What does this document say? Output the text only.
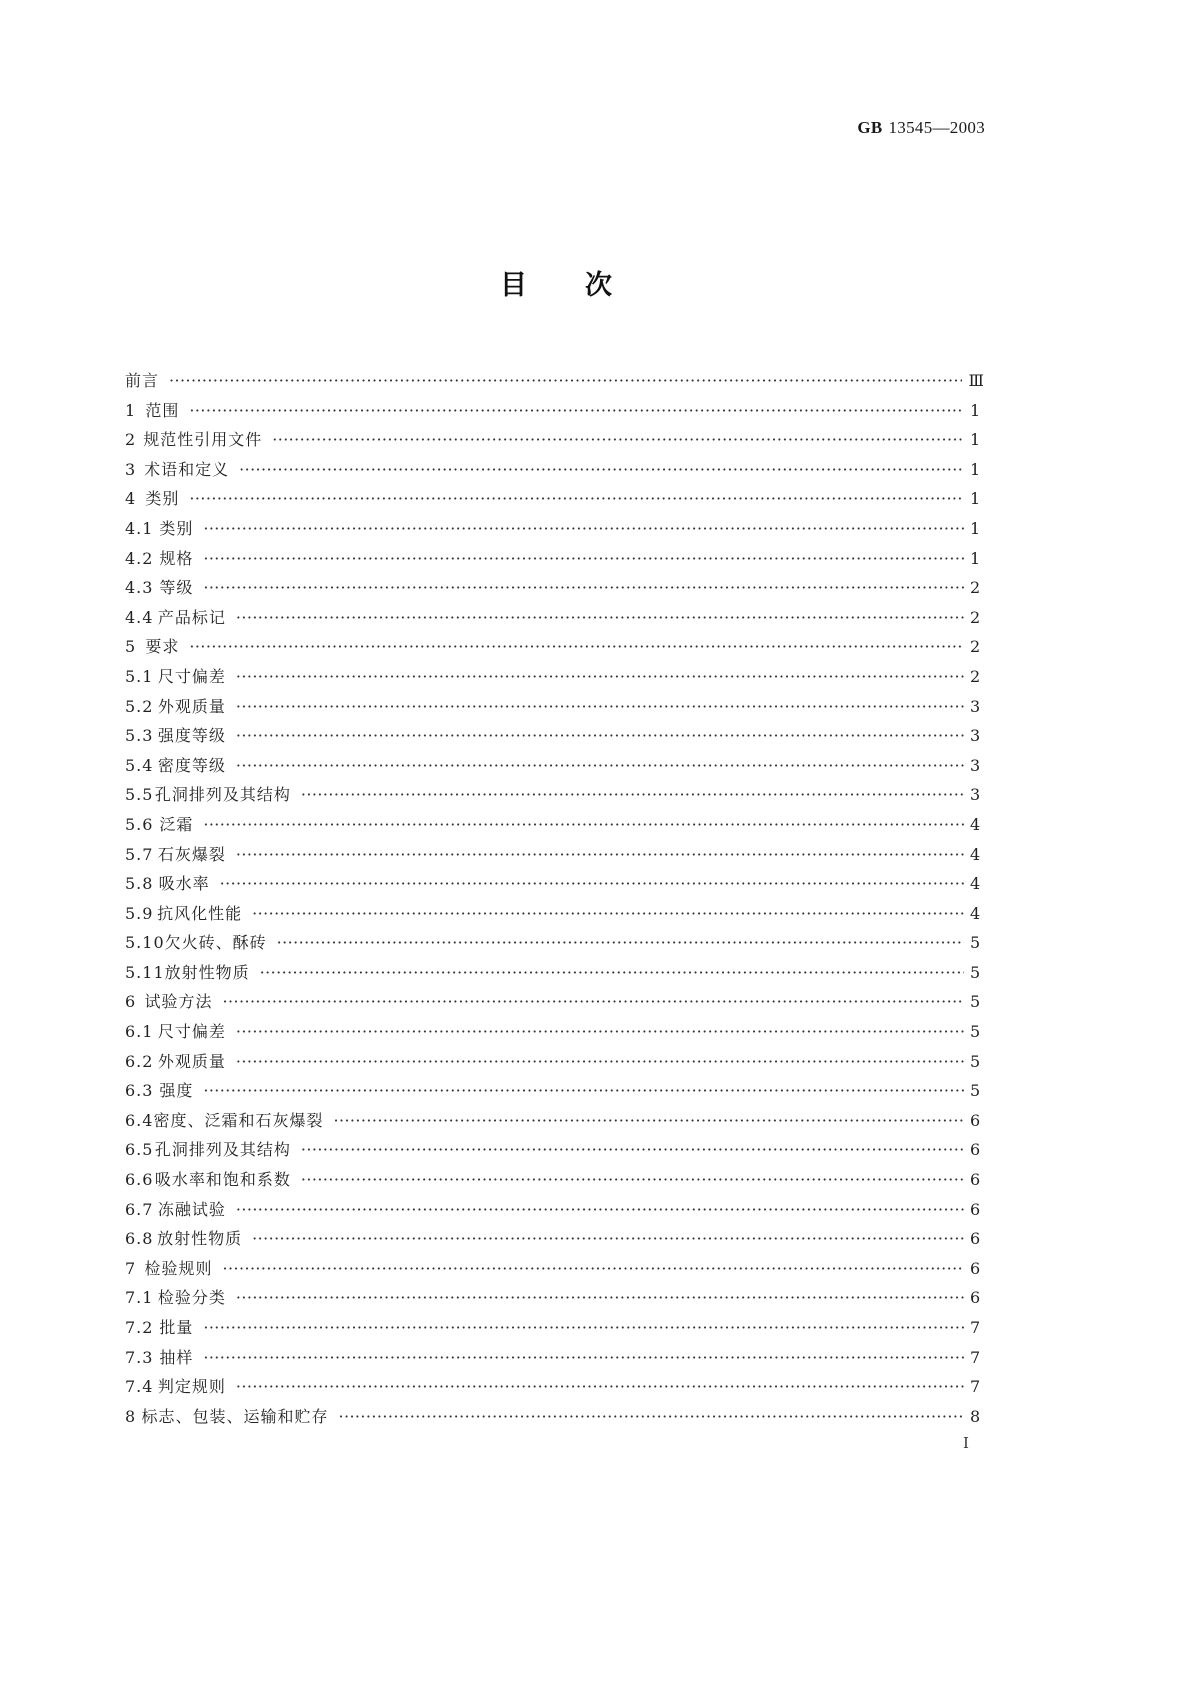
GB 13545—2003
目 次
前言 ·····	Ⅲ
1 范围 ·····	1
2 规范性引用文件 ·····	1
3 术语和定义 ·····	1
4 类别 ·····	1
4.1 类别 ·····	1
4.2 规格 ·····	1
4.3 等级 ·····	2
4.4 产品标记 ·····	2
5 要求 ·····	2
5.1 尺寸偏差 ·····	2
5.2 外观质量 ·····	3
5.3 强度等级 ·····	3
5.4 密度等级 ·····	3
5.5 孔洞排列及其结构 ·····	3
5.6 泛霜 ·····	4
5.7 石灰爆裂 ·····	4
5.8 吸水率 ·····	4
5.9 抗风化性能 ·····	4
5.10 欠火砖、酥砖 ·····	5
5.11 放射性物质 ·····	5
6 试验方法 ·····	5
6.1 尺寸偏差 ·····	5
6.2 外观质量 ·····	5
6.3 强度 ·····	5
6.4 密度、泛霜和石灰爆裂 ·····	6
6.5 孔洞排列及其结构 ·····	6
6.6 吸水率和饱和系数 ·····	6
6.7 冻融试验 ·····	6
6.8 放射性物质 ·····	6
7 检验规则 ·····	6
7.1 检验分类 ·····	6
7.2 批量 ·····	7
7.3 抽样 ·····	7
7.4 判定规则 ·····	7
8 标志、包装、运输和贮存 ·····	8
I
